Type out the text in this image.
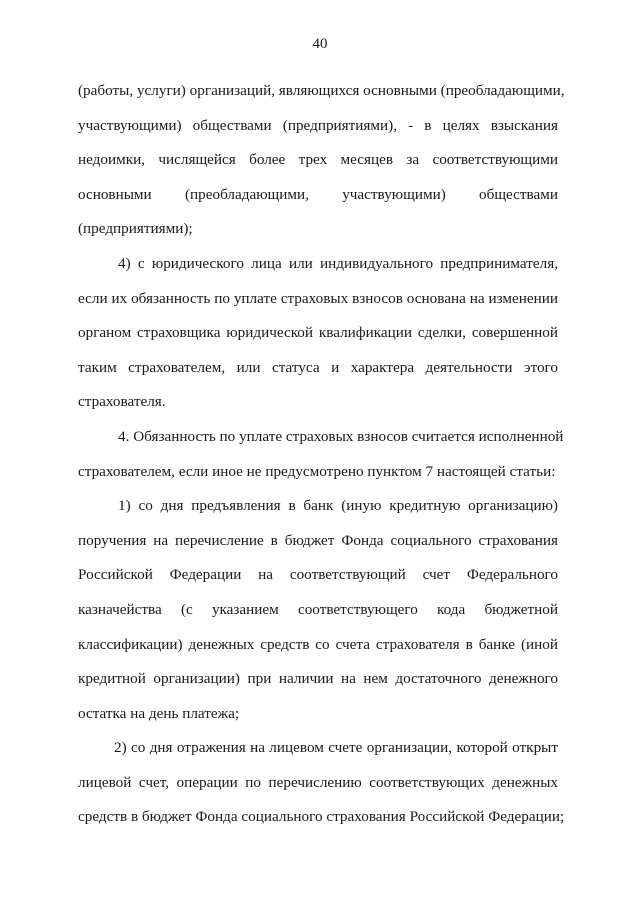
40
(работы, услуги) организаций, являющихся основными (преобладающими,
участвующими) обществами (предприятиями), - в целях взыскания
недоимки, числящейся более трех месяцев за соответствующими
основными (преобладающими, участвующими) обществами
(предприятиями);
4) с юридического лица или индивидуального предпринимателя,
если их обязанность по уплате страховых взносов основана на изменении
органом страховщика юридической квалификации сделки, совершенной
таким страхователем, или статуса и характера деятельности этого
страхователя.
4. Обязанность по уплате страховых взносов считается исполненной
страхователем, если иное не предусмотрено пунктом 7 настоящей статьи:
1) со дня предъявления в банк (иную кредитную организацию)
поручения на перечисление в бюджет Фонда социального страхования
Российской Федерации на соответствующий счет Федерального
казначейства (с указанием соответствующего кода бюджетной
классификации) денежных средств со счета страхователя в банке (иной
кредитной организации) при наличии на нем достаточного денежного
остатка на день платежа;
2) со дня отражения на лицевом счете организации, которой открыт
лицевой счет, операции по перечислению соответствующих денежных
средств в бюджет Фонда социального страхования Российской Федерации;
